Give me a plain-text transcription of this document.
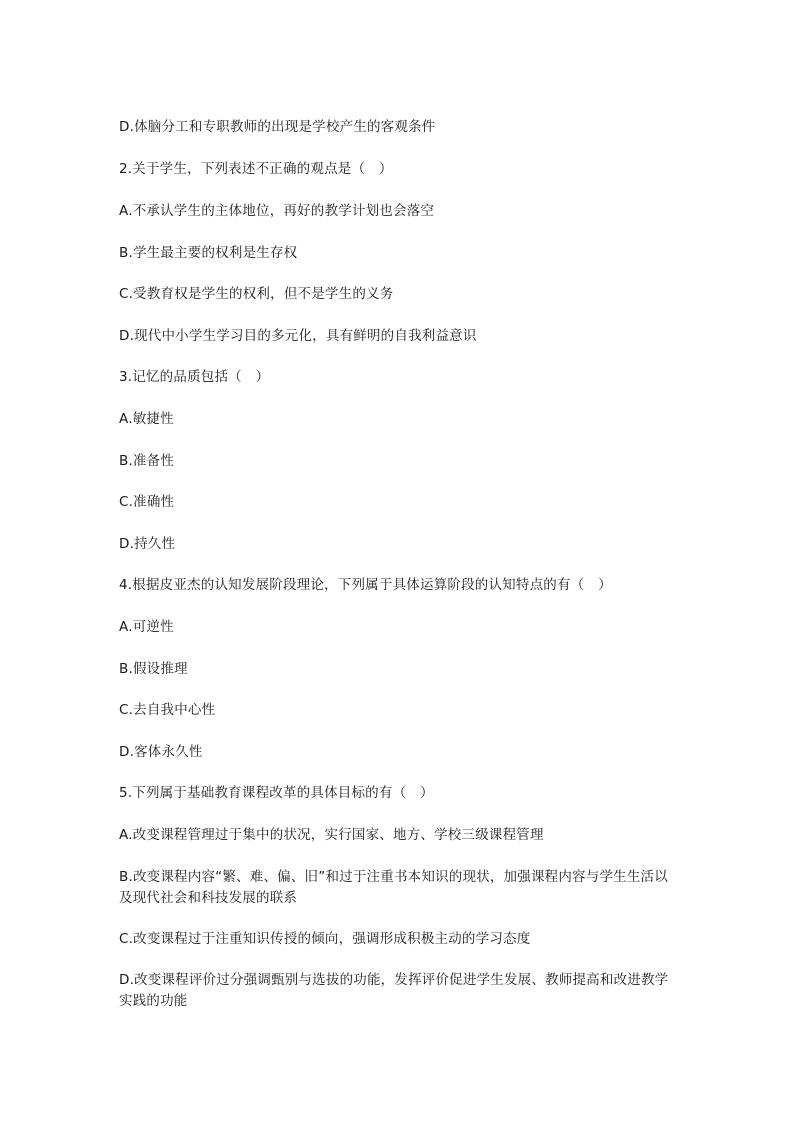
D.体脑分工和专职教师的出现是学校产生的客观条件
2.关于学生，下列表述不正确的观点是（　）
A.不承认学生的主体地位，再好的教学计划也会落空
B.学生最主要的权利是生存权
C.受教育权是学生的权利，但不是学生的义务
D.现代中小学生学习目的多元化，具有鲜明的自我利益意识
3.记忆的品质包括（　）
A.敏捷性
B.准备性
C.准确性
D.持久性
4.根据皮亚杰的认知发展阶段理论，下列属于具体运算阶段的认知特点的有（　）
A.可逆性
B.假设推理
C.去自我中心性
D.客体永久性
5.下列属于基础教育课程改革的具体目标的有（　）
A.改变课程管理过于集中的状况，实行国家、地方、学校三级课程管理
B.改变课程内容“繁、难、偏、旧”和过于注重书本知识的现状，加强课程内容与学生生活以及现代社会和科技发展的联系
C.改变课程过于注重知识传授的倾向，强调形成积极主动的学习态度
D.改变课程评价过分强调甄别与选拔的功能，发挥评价促进学生发展、教师提高和改进教学实践的功能
